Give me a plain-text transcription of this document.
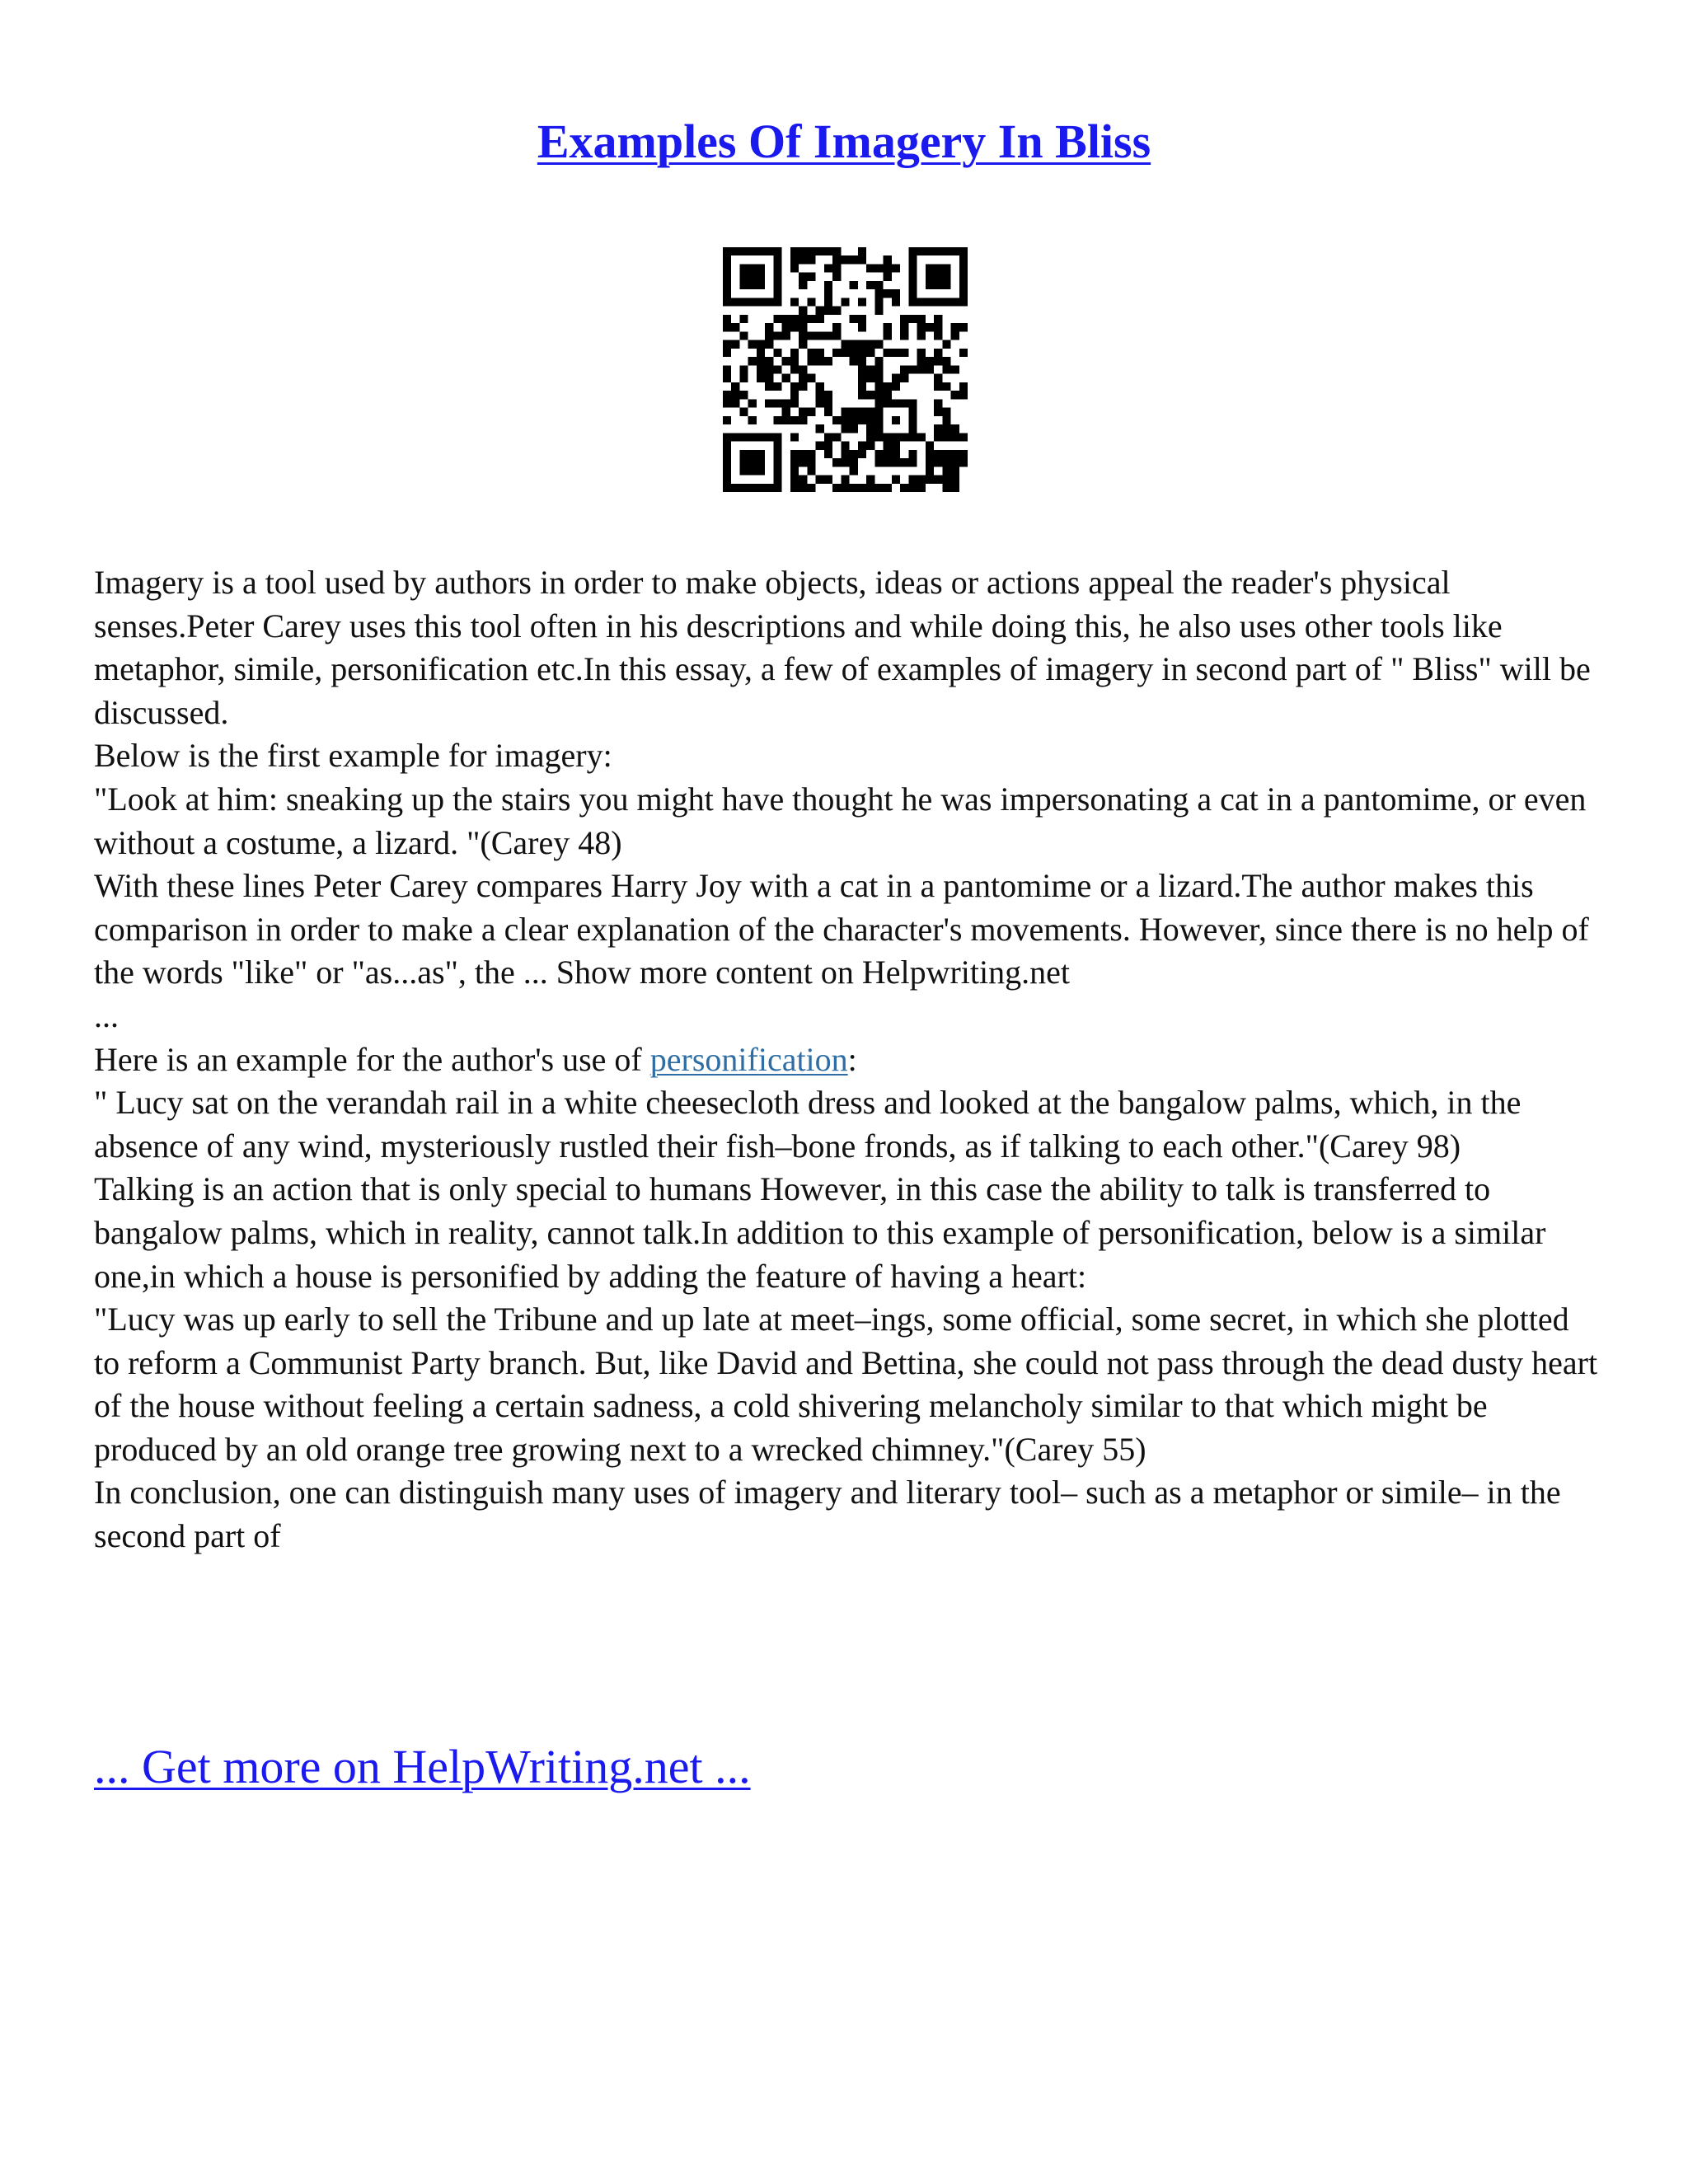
Examples Of Imagery In Bliss

Imagery is a tool used by authors in order to make objects, ideas or actions appeal the reader's physical senses.Peter Carey uses this tool often in his descriptions and while doing this, he also uses other tools like metaphor, simile, personification etc.In this essay, a few of examples of imagery in second part of " Bliss" will be discussed.

Below is the first example for imagery:

"Look at him: sneaking up the stairs you might have thought he was impersonating a cat in a pantomime, or even without a costume, a lizard. "(Carey 48)

With these lines Peter Carey compares Harry Joy with a cat in a pantomime or a lizard.The author makes this comparison in order to make a clear explanation of the character's movements. However, since there is no help of the words "like" or "as...as", the ... Show more content on Helpwriting.net

...

Here is an example for the author's use of personification:

" Lucy sat on the verandah rail in a white cheesecloth dress and looked at the bangalow palms, which, in the absence of any wind, mysteriously rustled their fish–bone fronds, as if talking to each other."(Carey 98)

Talking is an action that is only special to humans However, in this case the ability to talk is transferred to bangalow palms, which in reality, cannot talk.In addition to this example of personification, below is a similar one,in which a house is personified by adding the feature of having a heart:

"Lucy was up early to sell the Tribune and up late at meet–ings, some official, some secret, in which she plotted to reform a Communist Party branch. But, like David and Bettina, she could not pass through the dead dusty heart of the house without feeling a certain sadness, a cold shivering melancholy similar to that which might be produced by an old orange tree growing next to a wrecked chimney."(Carey 55)

In conclusion, one can distinguish many uses of imagery and literary tool– such as a metaphor or simile– in the second part of

... Get more on HelpWriting.net ...
